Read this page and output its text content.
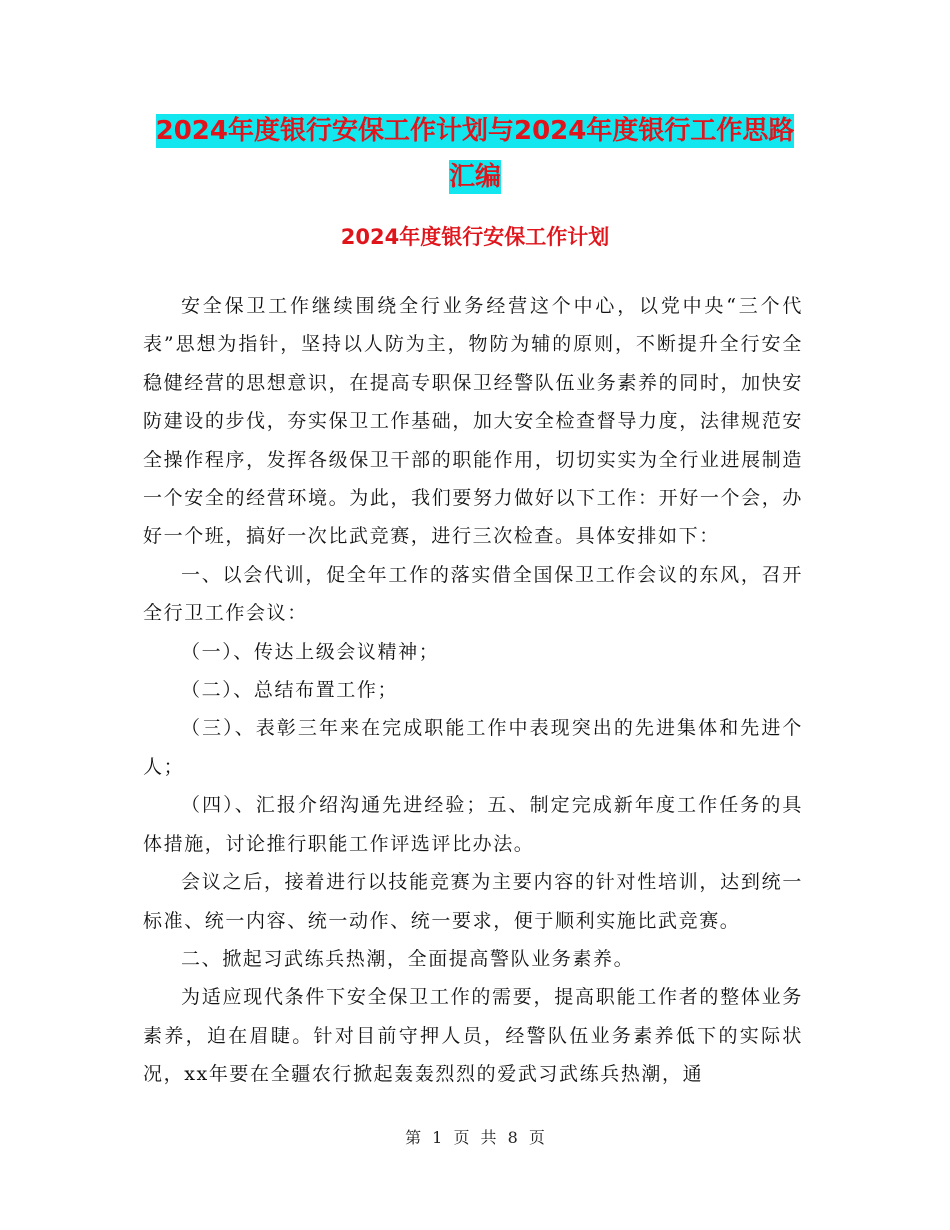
2024年度银行安保工作计划与2024年度银行工作思路
汇编
2024年度银行安保工作计划

安全保卫工作继续围绕全行业务经营这个中心，以党中央“三个代表”思想为指针，坚持以人防为主，物防为辅的原则，不断提升全行安全稳健经营的思想意识，在提高专职保卫经警队伍业务素养的同时，加快安防建设的步伐，夯实保卫工作基础，加大安全检查督导力度，法律规范安全操作程序，发挥各级保卫干部的职能作用，切切实实为全行业进展制造一个安全的经营环境。为此，我们要努力做好以下工作：开好一个会，办好一个班，搞好一次比武竞赛，进行三次检查。具体安排如下：

一、以会代训，促全年工作的落实借全国保卫工作会议的东风，召开全行卫工作会议：

（一）、传达上级会议精神；

（二）、总结布置工作；

（三）、表彰三年来在完成职能工作中表现突出的先进集体和先进个人；

（四）、汇报介绍沟通先进经验；五、制定完成新年度工作任务的具体措施，讨论推行职能工作评选评比办法。

会议之后，接着进行以技能竞赛为主要内容的针对性培训，达到统一标准、统一内容、统一动作、统一要求，便于顺利实施比武竞赛。

二、掀起习武练兵热潮，全面提高警队业务素养。

为适应现代条件下安全保卫工作的需要，提高职能工作者的整体业务素养，迫在眉睫。针对目前守押人员，经警队伍业务素养低下的实际状况，xx年要在全疆农行掀起轰轰烈烈的爱武习武练兵热潮，通

第 1 页 共 8 页
